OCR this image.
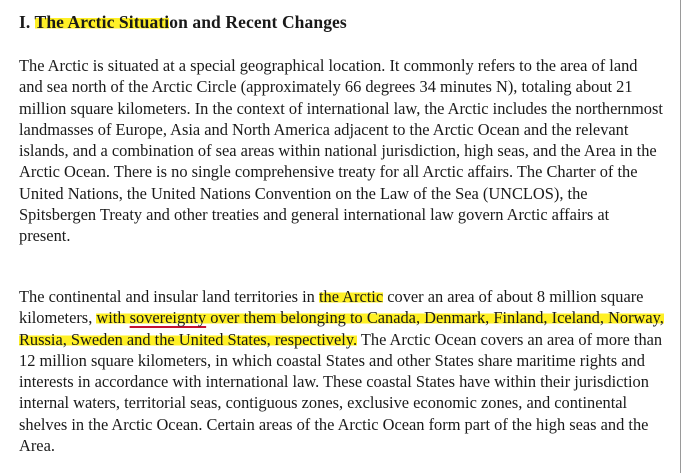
I. The Arctic Situation and Recent Changes

The Arctic is situated at a special geographical location. It commonly refers to the area of land and sea north of the Arctic Circle (approximately 66 degrees 34 minutes N), totaling about 21 million square kilometers. In the context of international law, the Arctic includes the northernmost landmasses of Europe, Asia and North America adjacent to the Arctic Ocean and the relevant islands, and a combination of sea areas within national jurisdiction, high seas, and the Area in the Arctic Ocean. There is no single comprehensive treaty for all Arctic affairs. The Charter of the United Nations, the United Nations Convention on the Law of the Sea (UNCLOS), the Spitsbergen Treaty and other treaties and general international law govern Arctic affairs at present.

The continental and insular land territories in the Arctic cover an area of about 8 million square kilometers, with sovereignty over them belonging to Canada, Denmark, Finland, Iceland, Norway, Russia, Sweden and the United States, respectively. The Arctic Ocean covers an area of more than 12 million square kilometers, in which coastal States and other States share maritime rights and interests in accordance with international law. These coastal States have within their jurisdiction internal waters, territorial seas, contiguous zones, exclusive economic zones, and continental shelves in the Arctic Ocean. Certain areas of the Arctic Ocean form part of the high seas and the Area.
